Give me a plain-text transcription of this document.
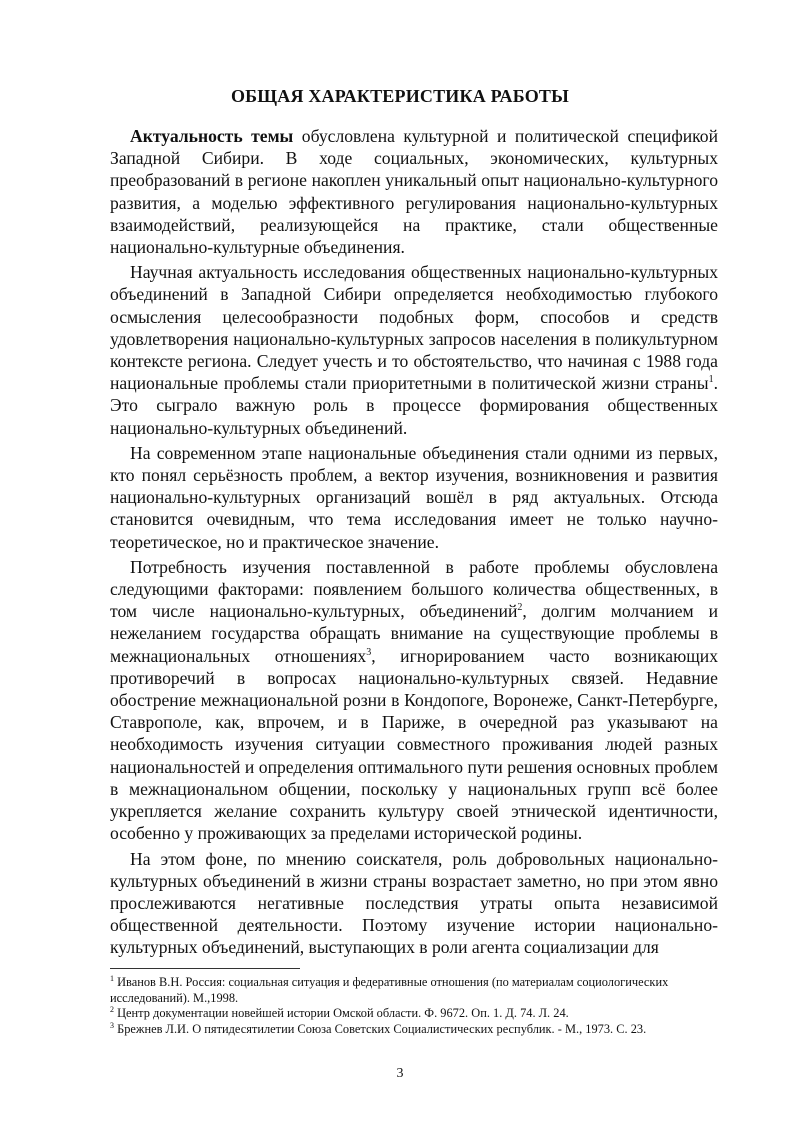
ОБЩАЯ ХАРАКТЕРИСТИКА РАБОТЫ

Актуальность темы обусловлена культурной и политической спецификой Западной Сибири. В ходе социальных, экономических, культурных преобразований в регионе накоплен уникальный опыт национально-культурного развития, а моделью эффективного регулирования национально-культурных взаимодействий, реализующейся на практике, стали общественные национально-культурные объединения.

Научная актуальность исследования общественных национально-культурных объединений в Западной Сибири определяется необходимостью глубокого осмысления целесообразности подобных форм, способов и средств удовлетворения национально-культурных запросов населения в поликультурном контексте региона. Следует учесть и то обстоятельство, что начиная с 1988 года национальные проблемы стали приоритетными в политической жизни страны$^1$. Это сыграло важную роль в процессе формирования общественных национально-культурных объединений.

На современном этапе национальные объединения стали одними из первых, кто понял серьёзность проблем, а вектор изучения, возникновения и развития национально-культурных организаций вошёл в ряд актуальных. Отсюда становится очевидным, что тема исследования имеет не только научно-теоретическое, но и практическое значение.

Потребность изучения поставленной в работе проблемы обусловлена следующими факторами: появлением большого количества общественных, в том числе национально-культурных, объединений$^2$, долгим молчанием и нежеланием государства обращать внимание на существующие проблемы в межнациональных отношениях$^3$, игнорированием часто возникающих противоречий в вопросах национально-культурных связей. Недавние обострение межнациональной розни в Кондопоге, Воронеже, Санкт-Петербурге, Ставрополе, как, впрочем, и в Париже, в очередной раз указывают на необходимость изучения ситуации совместного проживания людей разных национальностей и определения оптимального пути решения основных проблем в межнациональном общении, поскольку у национальных групп всё более укрепляется желание сохранить культуру своей этнической идентичности, особенно у проживающих за пределами исторической родины.

На этом фоне, по мнению соискателя, роль добровольных национально-культурных объединений в жизни страны возрастает заметно, но при этом явно прослеживаются негативные последствия утраты опыта независимой общественной деятельности. Поэтому изучение истории национально-культурных объединений, выступающих в роли агента социализации для

$^1$ Иванов В.Н. Россия: социальная ситуация и федеративные отношения (по материалам социологических исследований). М.,1998.

$^2$ Центр документации новейшей истории Омской области. Ф. 9672. Оп. 1. Д. 74. Л. 24.

$^3$ Брежнев Л.И. О пятидесятилетии Союза Советских Социалистических республик. - М., 1973. С. 23.

3
